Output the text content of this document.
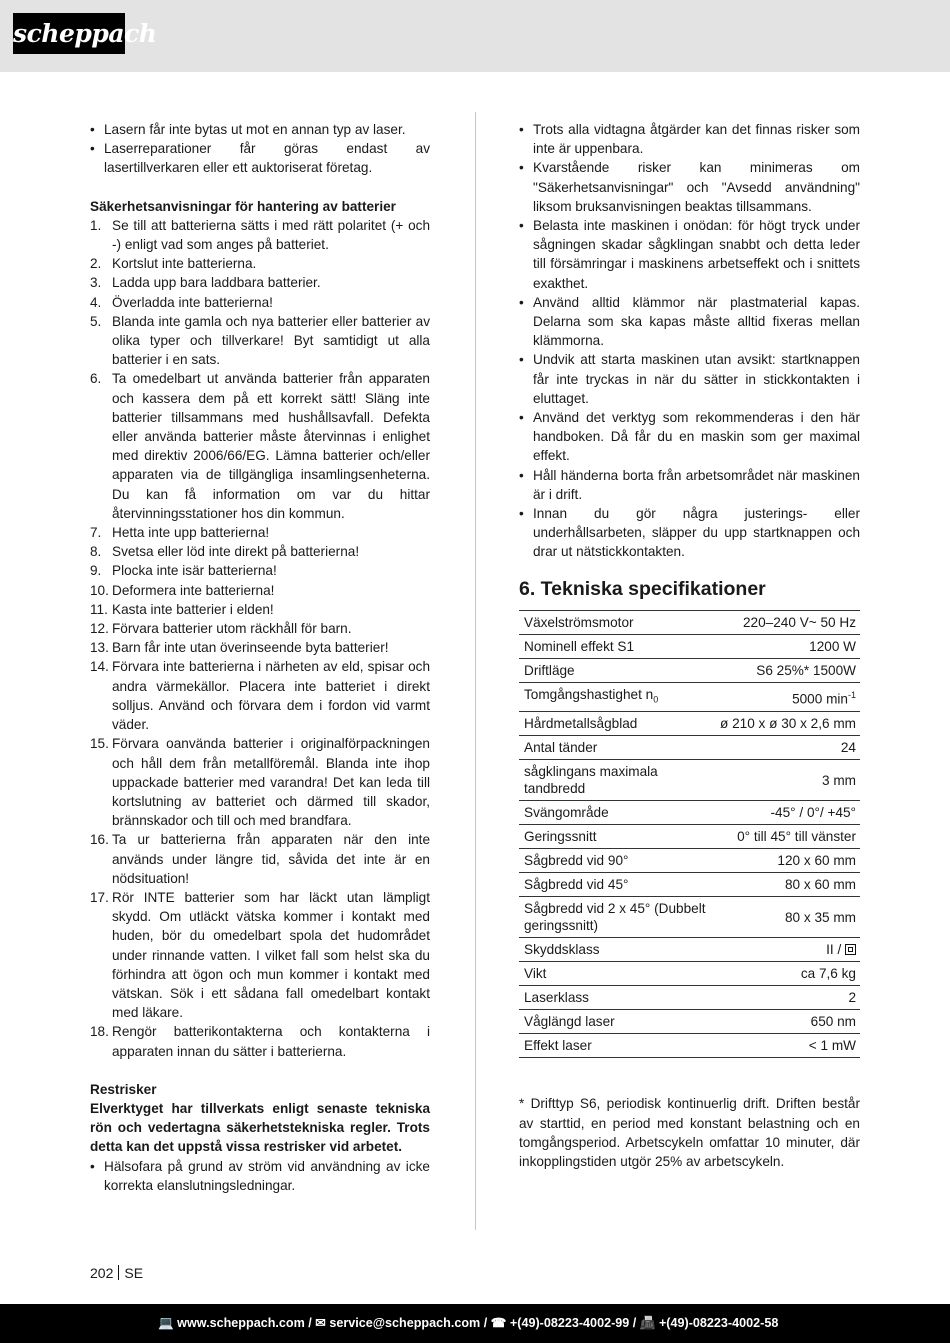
scheppach
• Lasern får inte bytas ut mot en annan typ av laser.
• Laserreparationer får göras endast av lasertillverkaren eller ett auktoriserat företag.

Säkerhetsanvisningar för hantering av batterier

1. Se till att batterierna sätts i med rätt polaritet (+ och -) enligt vad som anges på batteriet.
2. Kortslut inte batterierna.
3. Ladda upp bara laddbara batterier.
4. Överladda inte batterierna!
5. Blanda inte gamla och nya batterier eller batterier av olika typer och tillverkare! Byt samtidigt ut alla batterier i en sats.
6. Ta omedelbart ut använda batterier från apparaten och kassera dem på ett korrekt sätt! Släng inte batterier tillsammans med hushållsavfall. Defekta eller använda batterier måste återvinnas i enlighet med direktiv 2006/66/EG. Lämna batterier och/eller apparaten via de tillgängliga insamlingsenheterna. Du kan få information om var du hittar återvinningsstationer hos din kommun.
7. Hetta inte upp batterierna!
8. Svetsa eller löd inte direkt på batterierna!
9. Plocka inte isär batterierna!
10. Deformera inte batterierna!
11. Kasta inte batterier i elden!
12. Förvara batterier utom räckhåll för barn.
13. Barn får inte utan överinseende byta batterier!
14. Förvara inte batterierna i närheten av eld, spisar och andra värmekällor. Placera inte batteriet i direkt solljus. Använd och förvara dem i fordon vid varmt väder.
15. Förvara oanvända batterier i originalförpackningen och håll dem från metallföremål. Blanda inte ihop uppackade batterier med varandra! Det kan leda till kortslutning av batteriet och därmed till skador, brännskador och till och med brandfara.
16. Ta ur batterierna från apparaten när den inte används under längre tid, såvida det inte är en nödsituation!
17. Rör INTE batterier som har läckt utan lämpligt skydd. Om utläckt vätska kommer i kontakt med huden, bör du omedelbart spola det hudområdet under rinnande vatten. I vilket fall som helst ska du förhindra att ögon och mun kommer i kontakt med vätskan. Sök i ett sådana fall omedelbart kontakt med läkare.
18. Rengör batterikontakterna och kontakterna i apparaten innan du sätter i batterierna.

Restrisker

Elverktyget har tillverkats enligt senaste tekniska rön och vedertagna säkerhetstekniska regler. Trots detta kan det uppstå vissa restrisker vid arbetet.

• Hälsofara på grund av ström vid användning av icke korrekta elanslutningsledningar.
• Trots alla vidtagna åtgärder kan det finnas risker som inte är uppenbara.
• Kvarstående risker kan minimeras om "Säkerhetsanvisningar" och "Avsedd användning" liksom bruksanvisningen beaktas tillsammans.
• Belasta inte maskinen i onödan: för högt tryck under sågningen skadar sågklingan snabbt och detta leder till försämringar i maskinens arbetseffekt och i snittets exakthet.
• Använd alltid klämmor när plastmaterial kapas. Delarna som ska kapas måste alltid fixeras mellan klämmorna.
• Undvik att starta maskinen utan avsikt: startknappen får inte tryckas in när du sätter in stickkontakten i eluttaget.
• Använd det verktyg som rekommenderas i den här handboken. Då får du en maskin som ger maximal effekt.
• Håll händerna borta från arbetsområdet när maskinen är i drift.
• Innan du gör några justerings- eller underhållsarbeten, släpper du upp startknappen och drar ut nätstickkontakten.
6. Tekniska specifikationer
Växelströmsmotor	220–240 V~ 50 Hz
Nominell effekt S1	1200 W
Driftläge	S6 25%* 1500W
Tomgångshastighet $n_0$	5000 $\min^{-1}$
Hårdmetallsågblad	ø 210 x ø 30 x 2,6 mm
Antal tänder	24
sågklingans maximala tandbredd	3 mm
Svängområde	-45° / 0°/ +45°
Geringssnitt	0° till 45° till vänster
Sågbredd vid 90°	120 x 60 mm
Sågbredd vid 45°	80 x 60 mm
Sågbredd vid 2 x 45° (Dubbelt geringssnitt)	80 x 35 mm
Skyddsklass	II /
Vikt	ca 7,6 kg
Laserklass	2
Våglängd laser	650 nm
Effekt laser	< 1 mW

* Drifttyp S6, periodisk kontinuerlig drift. Driften består av starttid, en period med konstant belastning och en tomgångsperiod. Arbetscykeln omfattar 10 minuter, där inkopplingstiden utgör 25% av arbetscykeln.

202 SE
💻 www.scheppach.com / ✉ service@scheppach.com / ☎ +(49)-08223-4002-99 / 📠 +(49)-08223-4002-58
